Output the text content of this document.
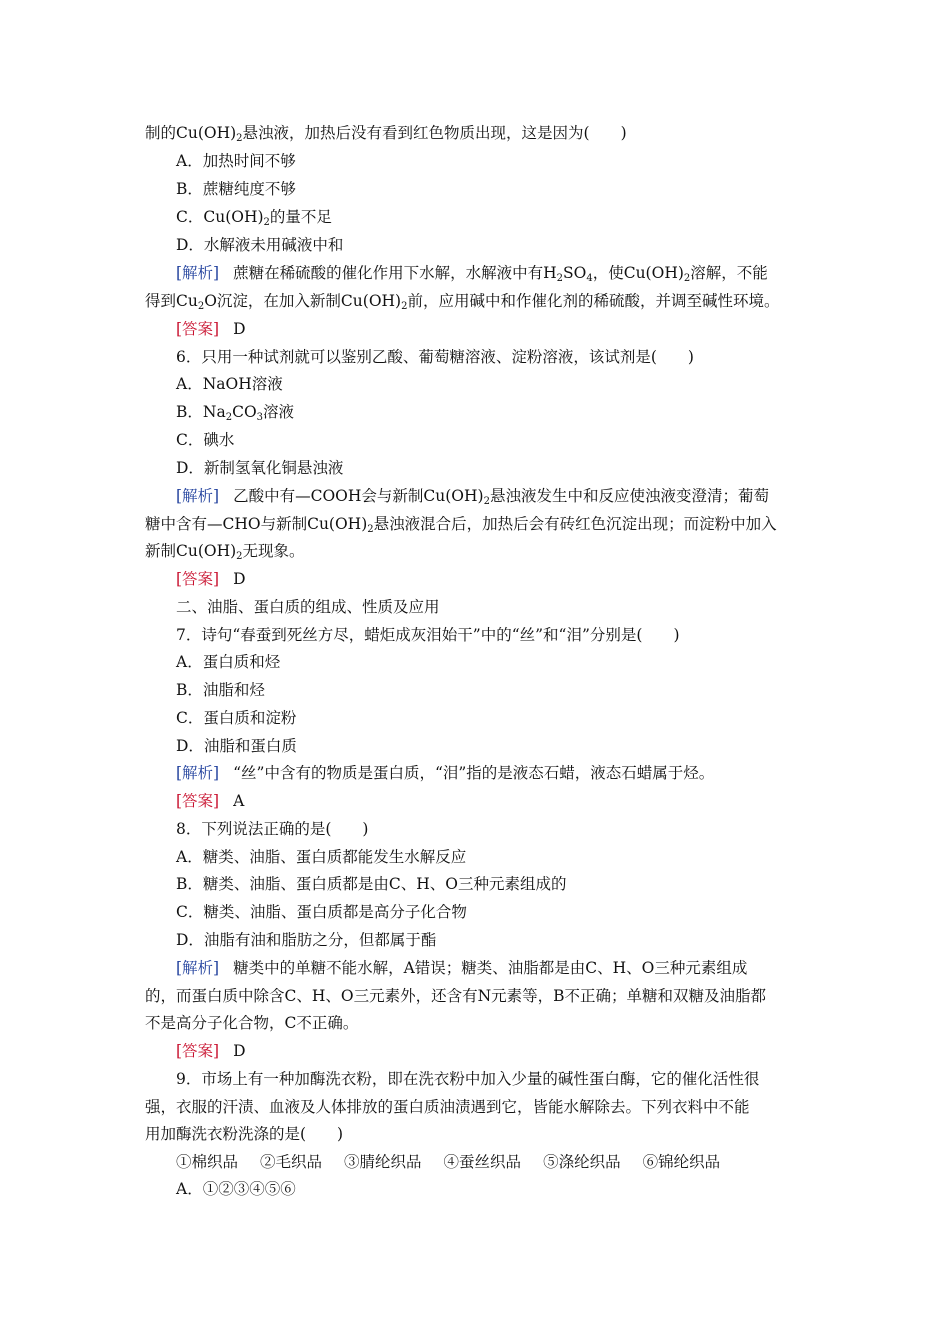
制的$Cu(OH)_2$悬浊液，加热后没有看到红色物质出现，这是因为(　　)
A．加热时间不够
B．蔗糖纯度不够
C．$Cu(OH)_2$的量不足
D．水解液未用碱液中和
[解析] 蔗糖在稀硫酸的催化作用下水解，水解液中有$H_2SO_4$，使$Cu(OH)_2$溶解，不能
得到$Cu_2O$沉淀，在加入新制$Cu(OH)_2$前，应用碱中和作催化剂的稀硫酸，并调至碱性环境。
[答案] D
6．只用一种试剂就可以鉴别乙酸、葡萄糖溶液、淀粉溶液，该试剂是(　　)
A．NaOH溶液
B．$Na_2CO_3$溶液
C．碘水
D．新制氢氧化铜悬浊液
[解析] 乙酸中有—COOH会与新制$Cu(OH)_2$悬浊液发生中和反应使浊液变澄清；葡萄
糖中含有—CHO与新制$Cu(OH)_2$悬浊液混合后，加热后会有砖红色沉淀出现；而淀粉中加入
新制$Cu(OH)_2$无现象。
[答案] D
二、油脂、蛋白质的组成、性质及应用
7．诗句“春蚕到死丝方尽，蜡炬成灰泪始干”中的“丝”和“泪”分别是(　　)
A．蛋白质和烃
B．油脂和烃
C．蛋白质和淀粉
D．油脂和蛋白质
[解析] “丝”中含有的物质是蛋白质，“泪”指的是液态石蜡，液态石蜡属于烃。
[答案] A
8．下列说法正确的是(　　)
A．糖类、油脂、蛋白质都能发生水解反应
B．糖类、油脂、蛋白质都是由C、H、O三种元素组成的
C．糖类、油脂、蛋白质都是高分子化合物
D．油脂有油和脂肪之分，但都属于酯
[解析] 糖类中的单糖不能水解，A错误；糖类、油脂都是由C、H、O三种元素组成
的，而蛋白质中除含C、H、O三元素外，还含有N元素等，B不正确；单糖和双糖及油脂都
不是高分子化合物，C不正确。
[答案] D
9．市场上有一种加酶洗衣粉，即在洗衣粉中加入少量的碱性蛋白酶，它的催化活性很
强，衣服的汗渍、血液及人体排放的蛋白质油渍遇到它，皆能水解除去。下列衣料中不能
用加酶洗衣粉洗涤的是(　　)
①棉织品 ②毛织品 ③腈纶织品 ④蚕丝织品 ⑤涤纶织品 ⑥锦纶织品
A．①②③④⑤⑥
